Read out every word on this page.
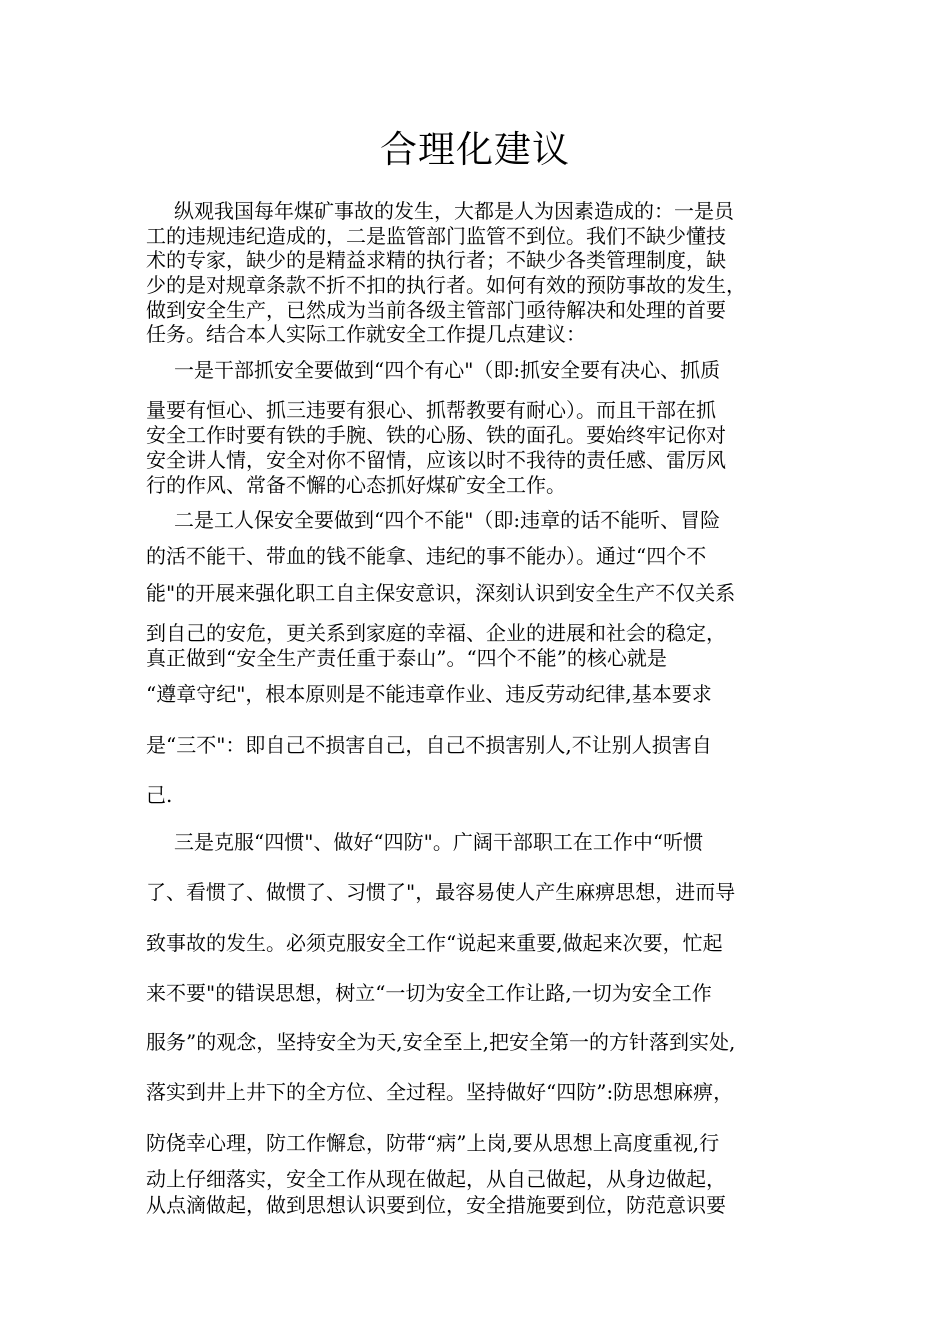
合理化建议
纵观我国每年煤矿事故的发生，大都是人为因素造成的：一是员
工的违规违纪造成的，二是监管部门监管不到位。我们不缺少懂技
术的专家，缺少的是精益求精的执行者；不缺少各类管理制度，缺
少的是对规章条款不折不扣的执行者。如何有效的预防事故的发生，
做到安全生产，已然成为当前各级主管部门亟待解决和处理的首要
任务。结合本人实际工作就安全工作提几点建议：
一是干部抓安全要做到“四个有心"（即:抓安全要有决心、抓质
量要有恒心、抓三违要有狠心、抓帮教要有耐心）。而且干部在抓
安全工作时要有铁的手腕、铁的心肠、铁的面孔。要始终牢记你对
安全讲人情，安全对你不留情，应该以时不我待的责任感、雷厉风
行的作风、常备不懈的心态抓好煤矿安全工作。
二是工人保安全要做到“四个不能"（即:违章的话不能听、冒险
的活不能干、带血的钱不能拿、违纪的事不能办）。通过“四个不
能"的开展来强化职工自主保安意识，深刻认识到安全生产不仅关系
到自己的安危，更关系到家庭的幸福、企业的进展和社会的稳定，
真正做到“安全生产责任重于泰山”。“四个不能”的核心就是
“遵章守纪"，根本原则是不能违章作业、违反劳动纪律,基本要求
是“三不"：即自己不损害自己，自己不损害别人,不让别人损害自
己.
三是克服“四惯"、做好“四防"。广阔干部职工在工作中“听惯
了、看惯了、做惯了、习惯了"，最容易使人产生麻痹思想，进而导
致事故的发生。必须克服安全工作“说起来重要,做起来次要，忙起
来不要"的错误思想，树立“一切为安全工作让路,一切为安全工作
服务”的观念，坚持安全为天,安全至上,把安全第一的方针落到实处,
落实到井上井下的全方位、全过程。坚持做好“四防”:防思想麻痹，
防侥幸心理，防工作懈怠，防带“病”上岗,要从思想上高度重视,行
动上仔细落实，安全工作从现在做起，从自己做起，从身边做起，
从点滴做起，做到思想认识要到位，安全措施要到位，防范意识要
